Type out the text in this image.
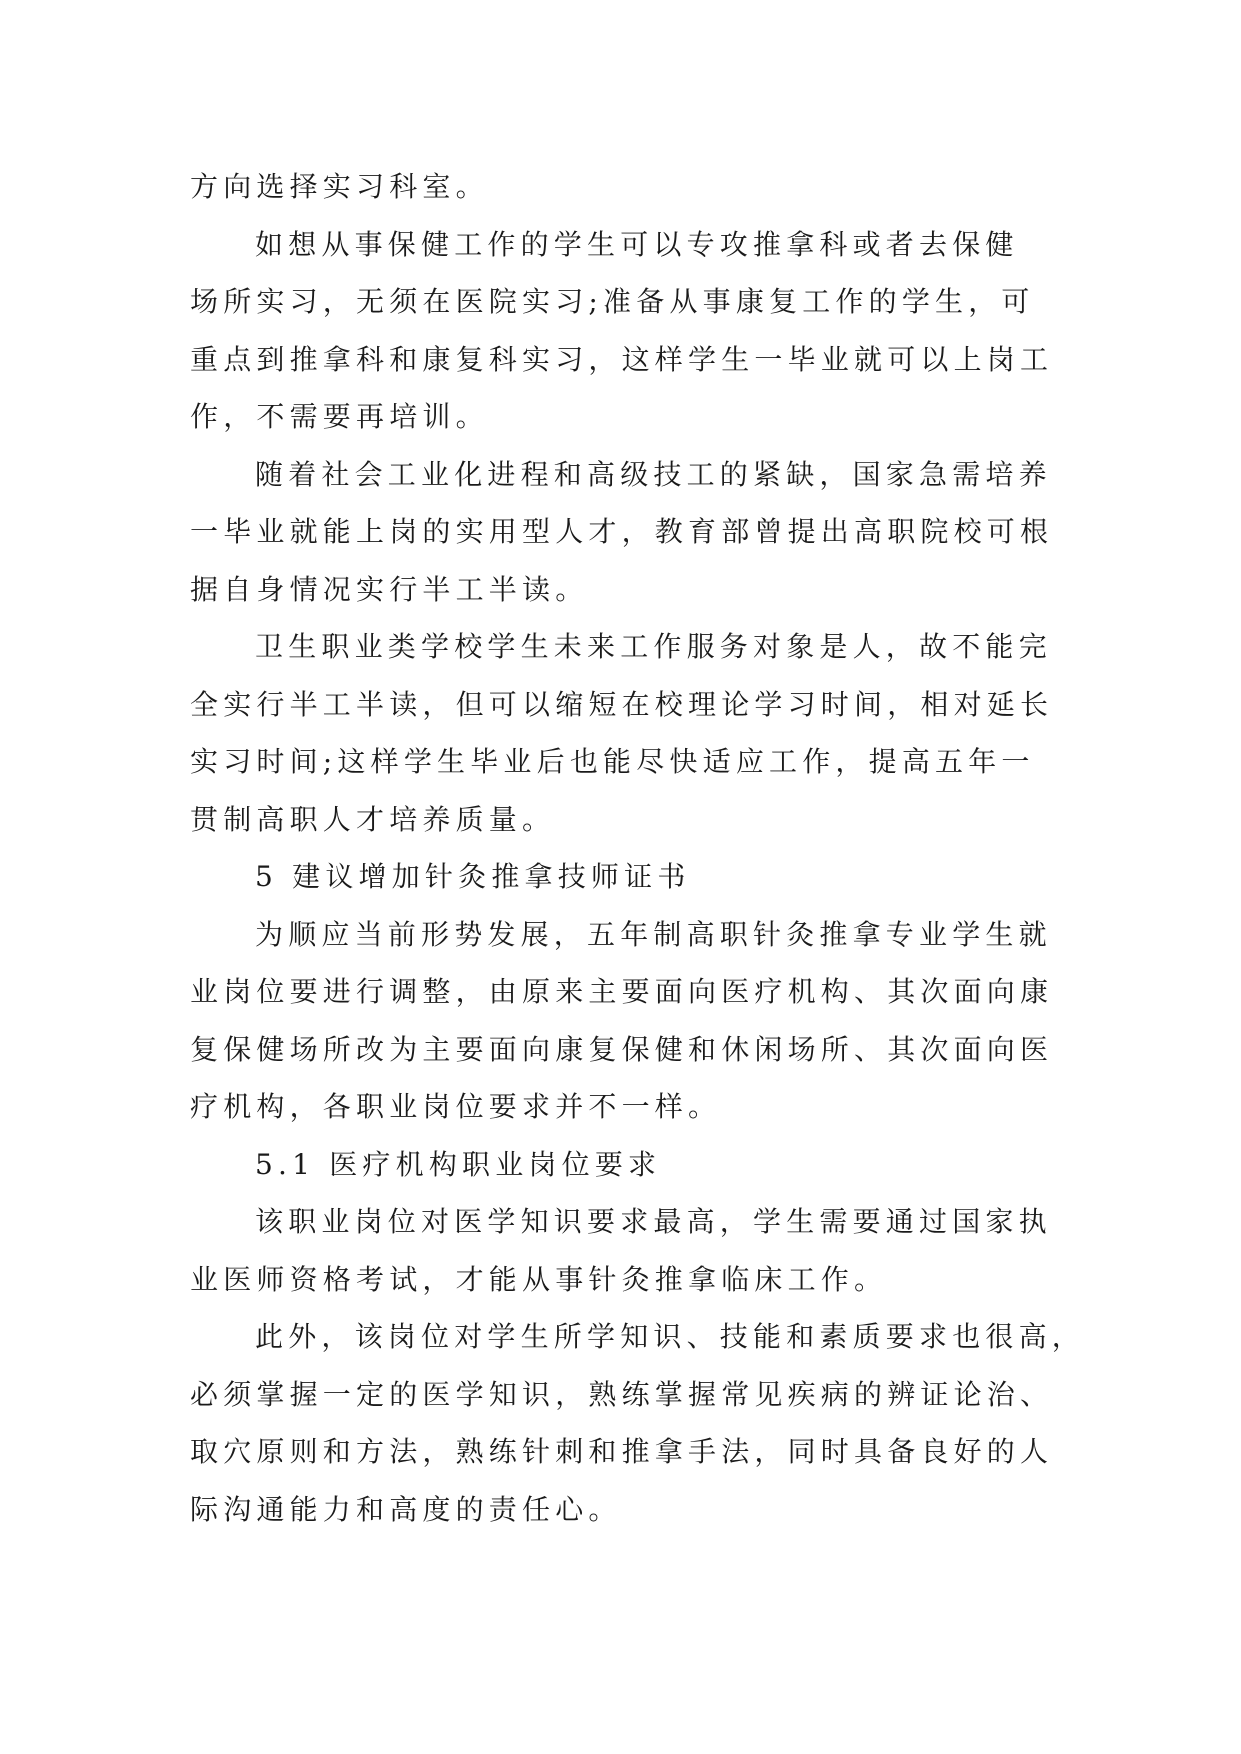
方向选择实习科室。
如想从事保健工作的学生可以专攻推拿科或者去保健
场所实习，无须在医院实习;准备从事康复工作的学生，可
重点到推拿科和康复科实习，这样学生一毕业就可以上岗工
作，不需要再培训。
随着社会工业化进程和高级技工的紧缺，国家急需培养
一毕业就能上岗的实用型人才，教育部曾提出高职院校可根
据自身情况实行半工半读。
卫生职业类学校学生未来工作服务对象是人，故不能完
全实行半工半读，但可以缩短在校理论学习时间，相对延长
实习时间;这样学生毕业后也能尽快适应工作，提高五年一
贯制高职人才培养质量。
5 建议增加针灸推拿技师证书
为顺应当前形势发展，五年制高职针灸推拿专业学生就
业岗位要进行调整，由原来主要面向医疗机构、其次面向康
复保健场所改为主要面向康复保健和休闲场所、其次面向医
疗机构，各职业岗位要求并不一样。
5.1 医疗机构职业岗位要求
该职业岗位对医学知识要求最高，学生需要通过国家执
业医师资格考试，才能从事针灸推拿临床工作。
此外，该岗位对学生所学知识、技能和素质要求也很高，
必须掌握一定的医学知识，熟练掌握常见疾病的辨证论治、
取穴原则和方法，熟练针刺和推拿手法，同时具备良好的人
际沟通能力和高度的责任心。
